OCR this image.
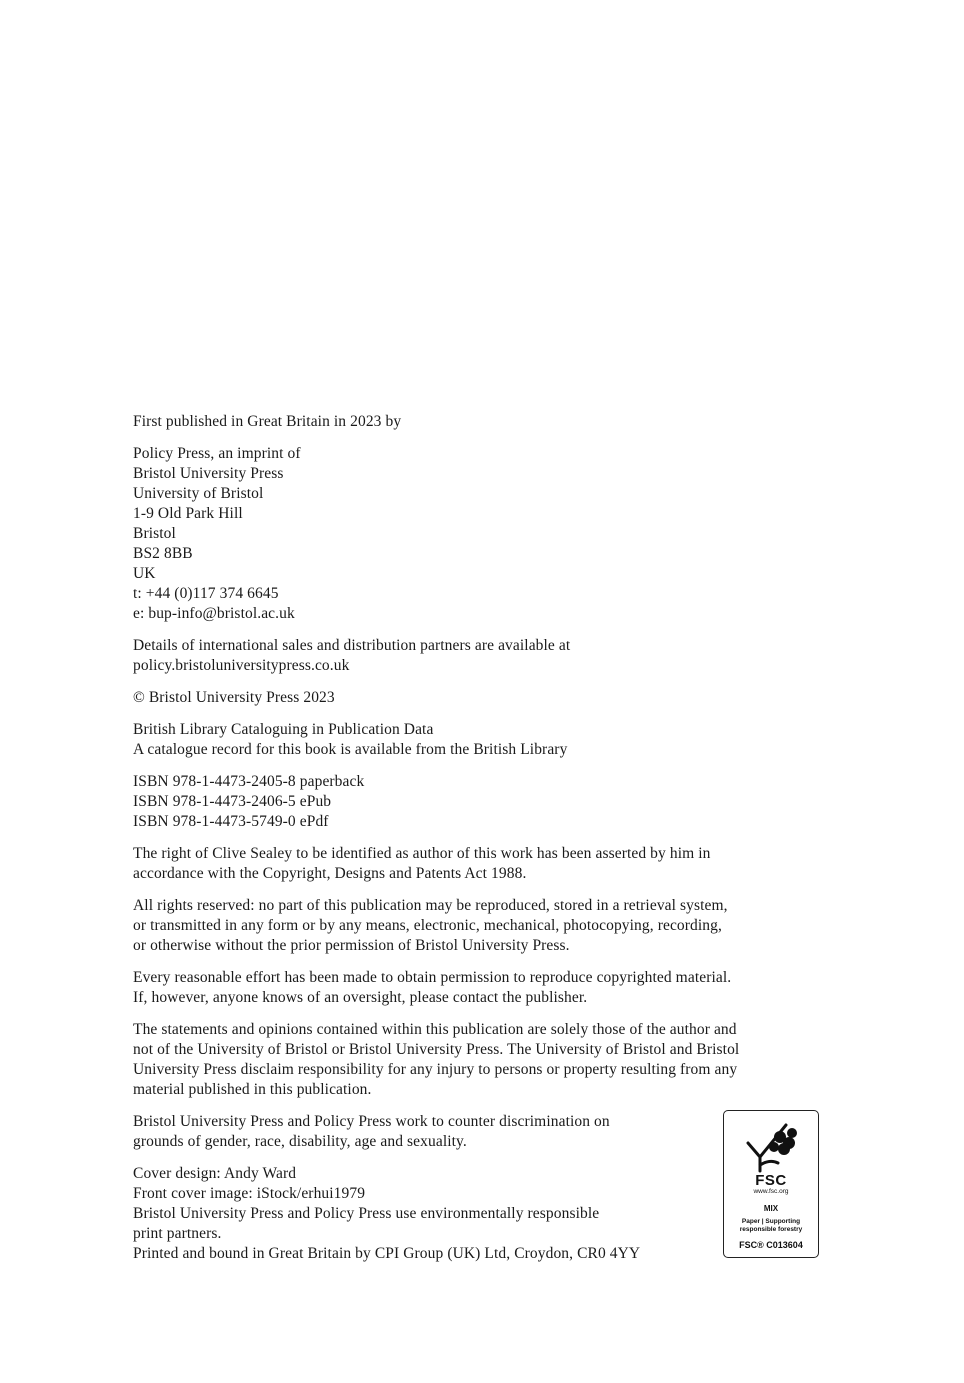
First published in Great Britain in 2023 by

Policy Press, an imprint of
Bristol University Press
University of Bristol
1-9 Old Park Hill
Bristol
BS2 8BB
UK
t: +44 (0)117 374 6645
e: bup-info@bristol.ac.uk

Details of international sales and distribution partners are available at
policy.bristoluniversitypress.co.uk

© Bristol University Press 2023

British Library Cataloguing in Publication Data
A catalogue record for this book is available from the British Library

ISBN 978-1-4473-2405-8 paperback
ISBN 978-1-4473-2406-5 ePub
ISBN 978-1-4473-5749-0 ePdf

The right of Clive Sealey to be identified as author of this work has been asserted by him in
accordance with the Copyright, Designs and Patents Act 1988.

All rights reserved: no part of this publication may be reproduced, stored in a retrieval system,
or transmitted in any form or by any means, electronic, mechanical, photocopying, recording,
or otherwise without the prior permission of Bristol University Press.

Every reasonable effort has been made to obtain permission to reproduce copyrighted material.
If, however, anyone knows of an oversight, please contact the publisher.

The statements and opinions contained within this publication are solely those of the author and
not of the University of Bristol or Bristol University Press. The University of Bristol and Bristol
University Press disclaim responsibility for any injury to persons or property resulting from any
material published in this publication.

Bristol University Press and Policy Press work to counter discrimination on
grounds of gender, race, disability, age and sexuality.

Cover design: Andy Ward
Front cover image: iStock/erhui1979
Bristol University Press and Policy Press use environmentally responsible
print partners.
Printed and bound in Great Britain by CPI Group (UK) Ltd, Croydon, CR0 4YY

FSC
www.fsc.org
MIX
Paper | Supporting
responsible forestry
FSC® C013604
